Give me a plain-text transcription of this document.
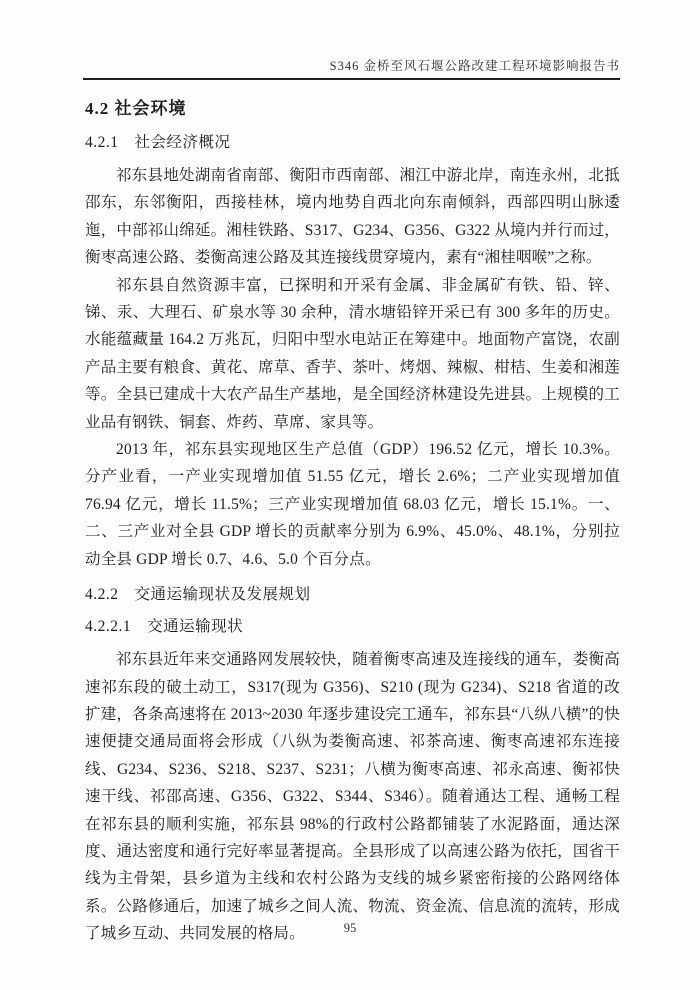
S346 金桥至风石堰公路改建工程环境影响报告书
4.2 社会环境
4.2.1　社会经济概况

祁东县地处湖南省南部、衡阳市西南部、湘江中游北岸，南连永州，北抵邵东，东邻衡阳，西接桂林，境内地势自西北向东南倾斜，西部四明山脉逶迤，中部祁山绵延。湘桂铁路、S317、G234、G356、G322 从境内并行而过，衡枣高速公路、娄衡高速公路及其连接线贯穿境内，素有“湘桂咽喉”之称。

祁东县自然资源丰富，已探明和开采有金属、非金属矿有铁、铅、锌、锑、汞、大理石、矿泉水等 30 余种，清水塘铅锌开采已有 300 多年的历史。水能蕴藏量 164.2 万兆瓦，归阳中型水电站正在筹建中。地面物产富饶，农副产品主要有粮食、黄花、席草、香芋、茶叶、烤烟、辣椒、柑桔、生姜和湘莲等。全县已建成十大农产品生产基地，是全国经济林建设先进县。上规模的工业品有钢铁、铜套、炸药、草席、家具等。

2013 年，祁东县实现地区生产总值（GDP）196.52 亿元，增长 10.3%。分产业看，一产业实现增加值 51.55 亿元，增长 2.6%；二产业实现增加值 76.94 亿元，增长 11.5%；三产业实现增加值 68.03 亿元，增长 15.1%。一、二、三产业对全县 GDP 增长的贡献率分别为 6.9%、45.0%、48.1%，分别拉动全县 GDP 增长 0.7、4.6、5.0 个百分点。

4.2.2　交通运输现状及发展规划
4.2.2.1　交通运输现状

祁东县近年来交通路网发展较快，随着衡枣高速及连接线的通车，娄衡高速祁东段的破土动工，S317(现为 G356)、S210 (现为 G234)、S218 省道的改扩建，各条高速将在 2013~2030 年逐步建设完工通车，祁东县“八纵八横”的快速便捷交通局面将会形成（八纵为娄衡高速、祁茶高速、衡枣高速祁东连接线、G234、S236、S218、S237、S231；八横为衡枣高速、祁永高速、衡祁快速干线、祁邵高速、G356、G322、S344、S346）。随着通达工程、通畅工程在祁东县的顺利实施，祁东县 98%的行政村公路都铺装了水泥路面，通达深度、通达密度和通行完好率显著提高。全县形成了以高速公路为依托，国省干线为主骨架，县乡道为主线和农村公路为支线的城乡紧密衔接的公路网络体系。公路修通后，加速了城乡之间人流、物流、资金流、信息流的流转，形成了城乡互动、共同发展的格局。	95
